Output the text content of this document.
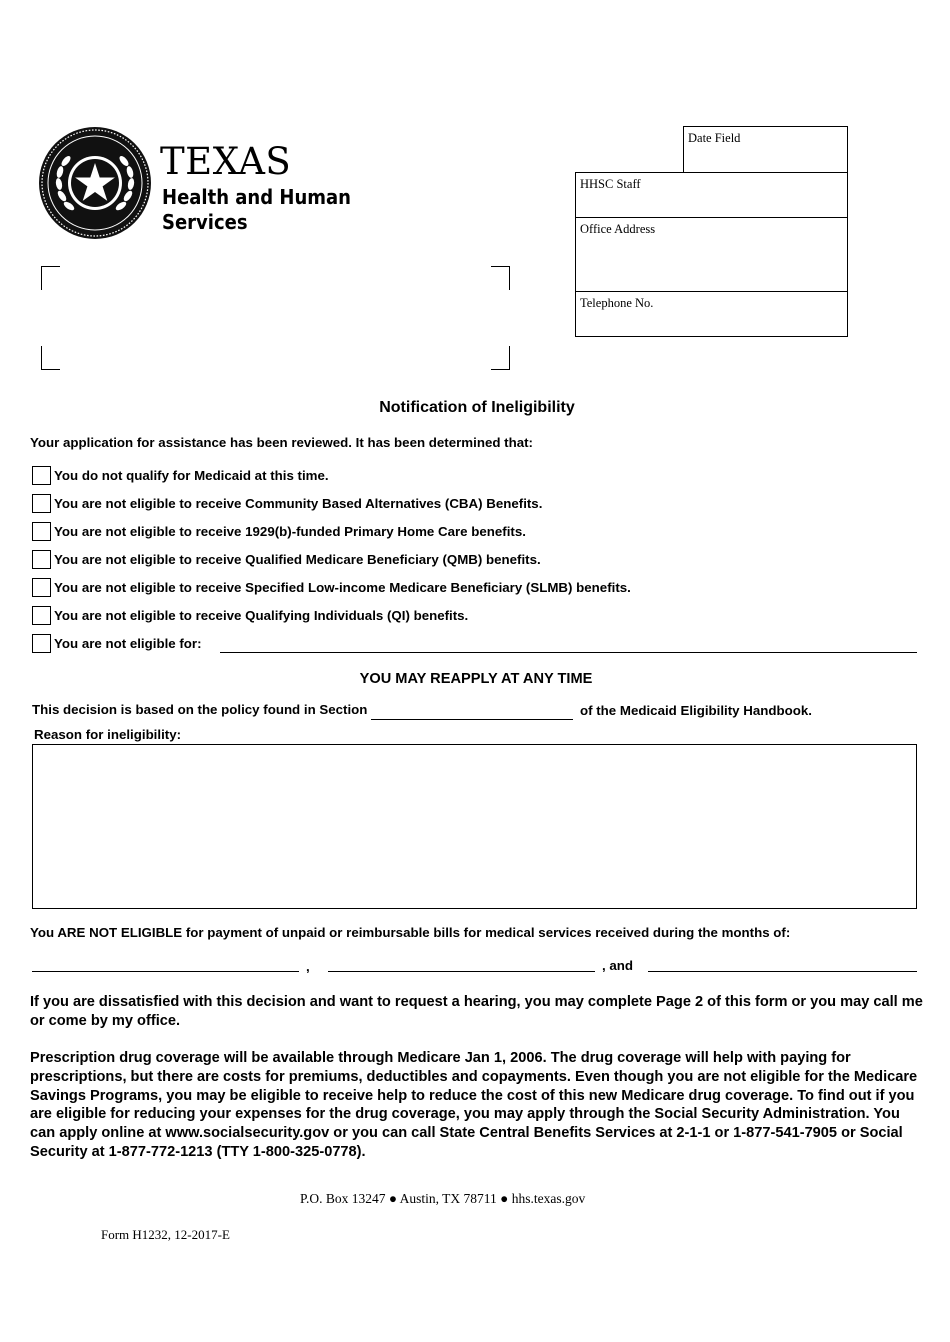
TEXAS
Health and Human
Services
Date Field
HHSC Staff
Office Address
Telephone No.
Notification of Ineligibility
Your application for assistance has been reviewed. It has been determined that:
You do not qualify for Medicaid at this time.
You are not eligible to receive Community Based Alternatives (CBA) Benefits.
You are not eligible to receive 1929(b)-funded Primary Home Care benefits.
You are not eligible to receive Qualified Medicare Beneficiary (QMB) benefits.
You are not eligible to receive Specified Low-income Medicare Beneficiary (SLMB) benefits.
You are not eligible to receive Qualifying Individuals (QI) benefits.
You are not eligible for:
YOU MAY REAPPLY AT ANY TIME
This decision is based on the policy found in Section	of the Medicaid Eligibility Handbook.
Reason for ineligibility:
You ARE NOT ELIGIBLE for payment of unpaid or reimbursable bills for medical services received during the months of:
,	, and
If you are dissatisfied with this decision and want to request a hearing, you may complete Page 2 of this form or you may call me or come by my office.
Prescription drug coverage will be available through Medicare Jan 1, 2006. The drug coverage will help with paying for prescriptions, but there are costs for premiums, deductibles and copayments. Even though you are not eligible for the Medicare Savings Programs, you may be eligible to receive help to reduce the cost of this new Medicare drug coverage. To find out if you are eligible for reducing your expenses for the drug coverage, you may apply through the Social Security Administration. You can apply online at www.socialsecurity.gov or you can call State Central Benefits Services at 2-1-1 or 1-877-541-7905 or Social Security at 1-877-772-1213 (TTY 1-800-325-0778).
P.O. Box 13247 ● Austin, TX 78711 ● hhs.texas.gov
Form H1232, 12-2017-E
